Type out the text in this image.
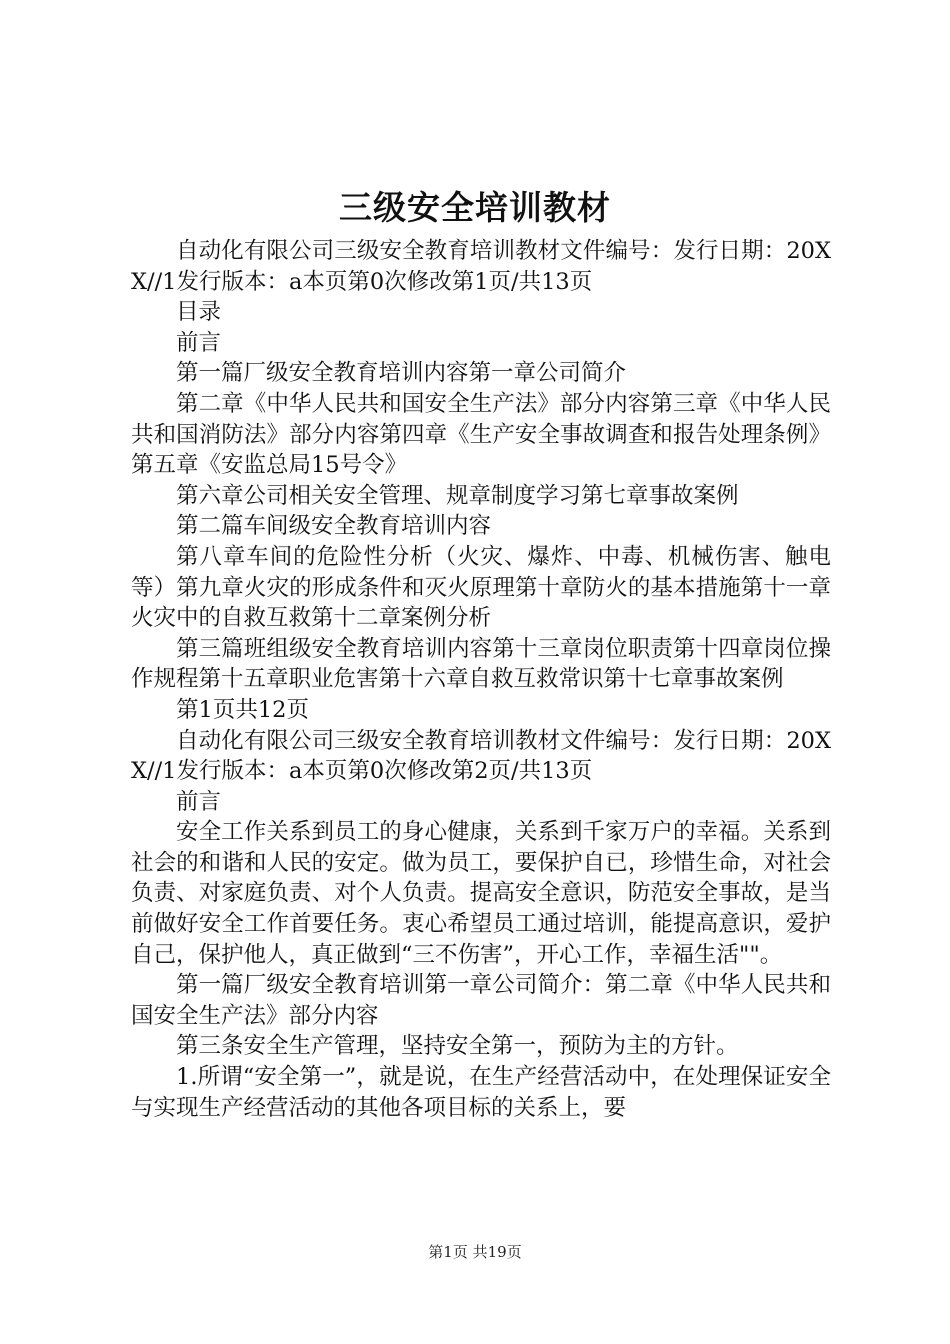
三级安全培训教材

自动化有限公司三级安全教育培训教材文件编号：发行日期：20XX//1发行版本：a本页第0次修改第1页/共13页

目录

前言

第一篇厂级安全教育培训内容第一章公司简介

第二章《中华人民共和国安全生产法》部分内容第三章《中华人民共和国消防法》部分内容第四章《生产安全事故调查和报告处理条例》第五章《安监总局15号令》

第六章公司相关安全管理、规章制度学习第七章事故案例

第二篇车间级安全教育培训内容

第八章车间的危险性分析（火灾、爆炸、中毒、机械伤害、触电等）第九章火灾的形成条件和灭火原理第十章防火的基本措施第十一章火灾中的自救互救第十二章案例分析

第三篇班组级安全教育培训内容第十三章岗位职责第十四章岗位操作规程第十五章职业危害第十六章自救互救常识第十七章事故案例

第1页共12页

自动化有限公司三级安全教育培训教材文件编号：发行日期：20XX//1发行版本：a本页第0次修改第2页/共13页

前言

安全工作关系到员工的身心健康，关系到千家万户的幸福。关系到社会的和谐和人民的安定。做为员工，要保护自已，珍惜生命，对社会负责、对家庭负责、对个人负责。提高安全意识，防范安全事故，是当前做好安全工作首要任务。衷心希望员工通过培训，能提高意识，爱护自己，保护他人，真正做到“三不伤害”，开心工作，幸福生活""。

第一篇厂级安全教育培训第一章公司简介：第二章《中华人民共和国安全生产法》部分内容

第三条安全生产管理，坚持安全第一，预防为主的方针。

1.所谓“安全第一”，就是说，在生产经营活动中，在处理保证安全与实现生产经营活动的其他各项目标的关系上，要

第1页 共19页
